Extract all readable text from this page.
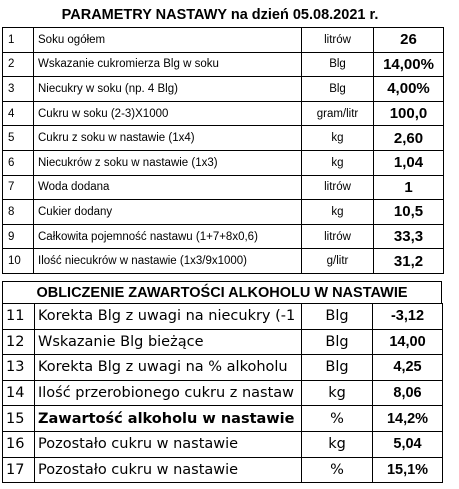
PARAMETRY NASTAWY na dzień 05.08.2021 r.
1	Soku ogółem	litrów	26
2	Wskazanie cukromierza Blg w soku	Blg	14,00%
3	Niecukry w soku (np. 4 Blg)	Blg	4,00%
4	Cukru w soku (2-3)X1000	gram/litr	100,0
5	Cukru z soku w nastawie (1x4)	kg	2,60
6	Niecukrów z soku w nastawie (1x3)	kg	1,04
7	Woda dodana	litrów	1
8	Cukier dodany	kg	10,5
9	Całkowita pojemność nastawu (1+7+8x0,6)	litrów	33,3
10	Ilość niecukrów w nastawie (1x3/9x1000)	g/litr	31,2
OBLICZENIE ZAWARTOŚCI ALKOHOLU W NASTAWIE
11	Korekta Blg z uwagi na niecukry (-1	Blg	-3,12
12	Wskazanie Blg bieżące	Blg	14,00
13	Korekta Blg z uwagi na % alkoholu	Blg	4,25
14	Ilość przerobionego cukru z nastaw	kg	8,06
15	Zawartość alkoholu w nastawie	%	14,2%
16	Pozostało cukru w nastawie	kg	5,04
17	Pozostało cukru w nastawie	%	15,1%
